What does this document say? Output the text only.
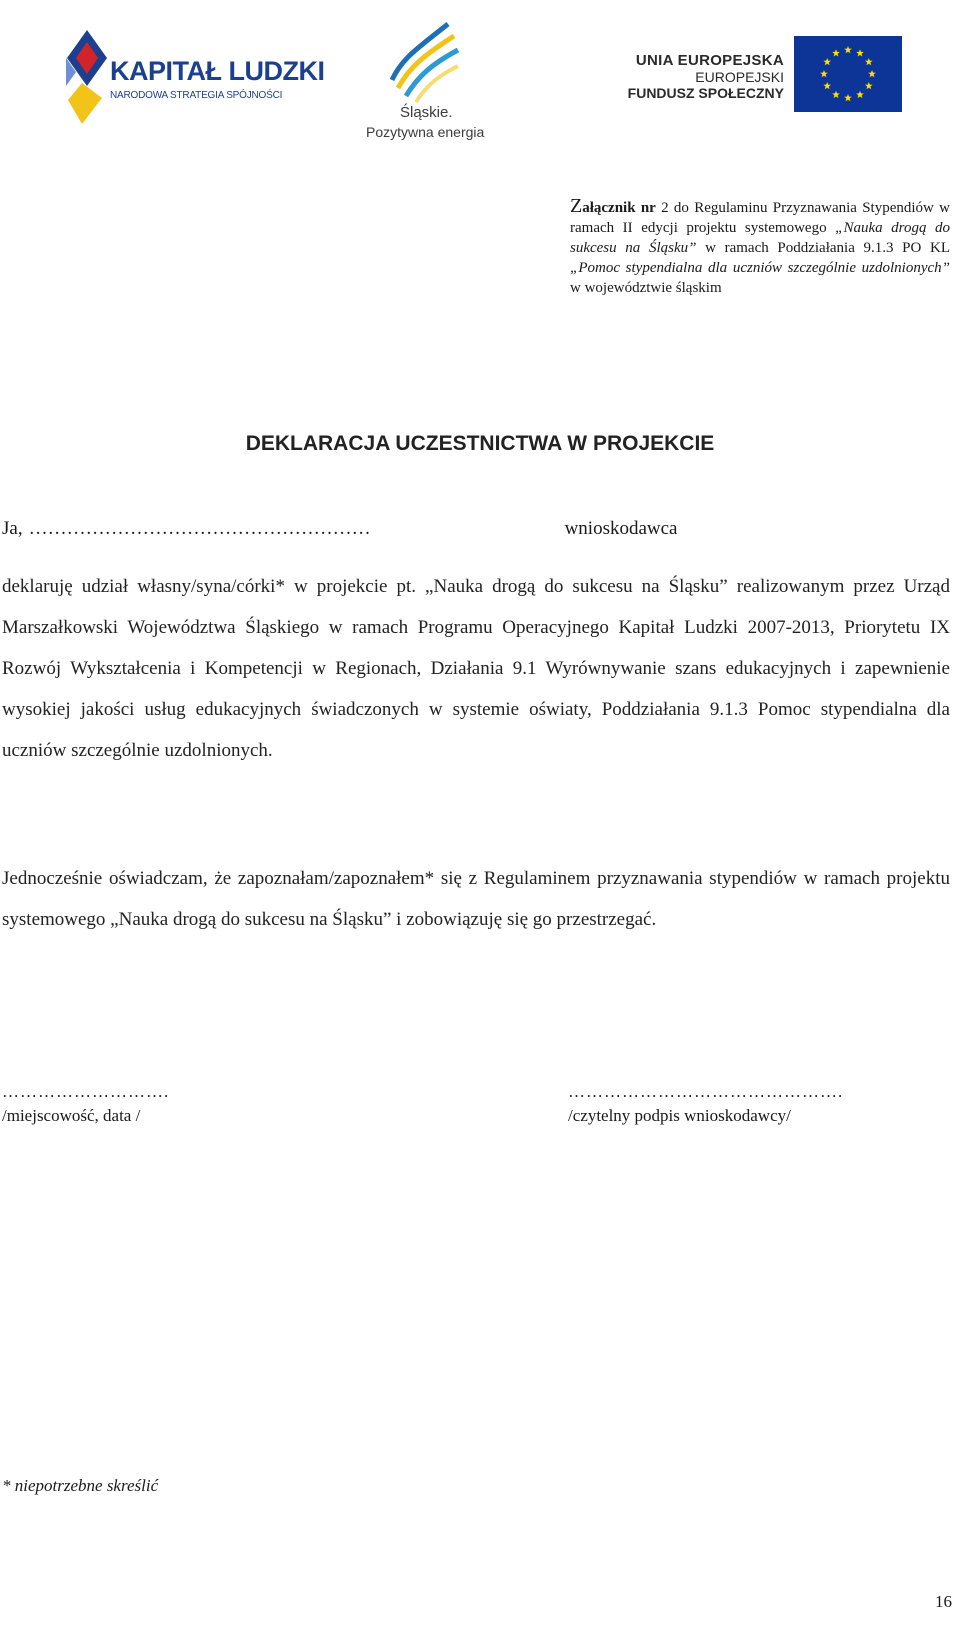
KAPITAŁ LUDZKI
NARODOWA STRATEGIA SPÓJNOŚCI
Śląskie.
Pozytywna energia
UNIA EUROPEJSKA
EUROPEJSKI
FUNDUSZ SPOŁECZNY
Załącznik nr 2 do Regulaminu Przyznawania Stypendiów w ramach II edycji projektu systemowego „Nauka drogą do sukcesu na Śląsku” w ramach Poddziałania 9.1.3 PO KL „Pomoc stypendialna dla uczniów szczególnie uzdolnionych” w województwie śląskim
DEKLARACJA UCZESTNICTWA W PROJEKCIE
Ja, ………………………………………………	wnioskodawca
deklaruję udział własny/syna/córki* w projekcie pt. „Nauka drogą do sukcesu na Śląsku” realizowanym przez Urząd Marszałkowski Województwa Śląskiego w ramach Programu Operacyjnego Kapitał Ludzki 2007-2013, Priorytetu IX Rozwój Wykształcenia i Kompetencji w Regionach, Działania 9.1 Wyrównywanie szans edukacyjnych i zapewnienie wysokiej jakości usług edukacyjnych świadczonych w systemie oświaty, Poddziałania 9.1.3 Pomoc stypendialna dla uczniów szczególnie uzdolnionych.
Jednocześnie oświadczam, że zapoznałam/zapoznałem* się z Regulaminem przyznawania stypendiów w ramach projektu systemowego „Nauka drogą do sukcesu na Śląsku” i zobowiązuję się go przestrzegać.
……………………….
/miejscowość, data /
……………………………………….
/czytelny podpis wnioskodawcy/
* niepotrzebne skreślić
16
